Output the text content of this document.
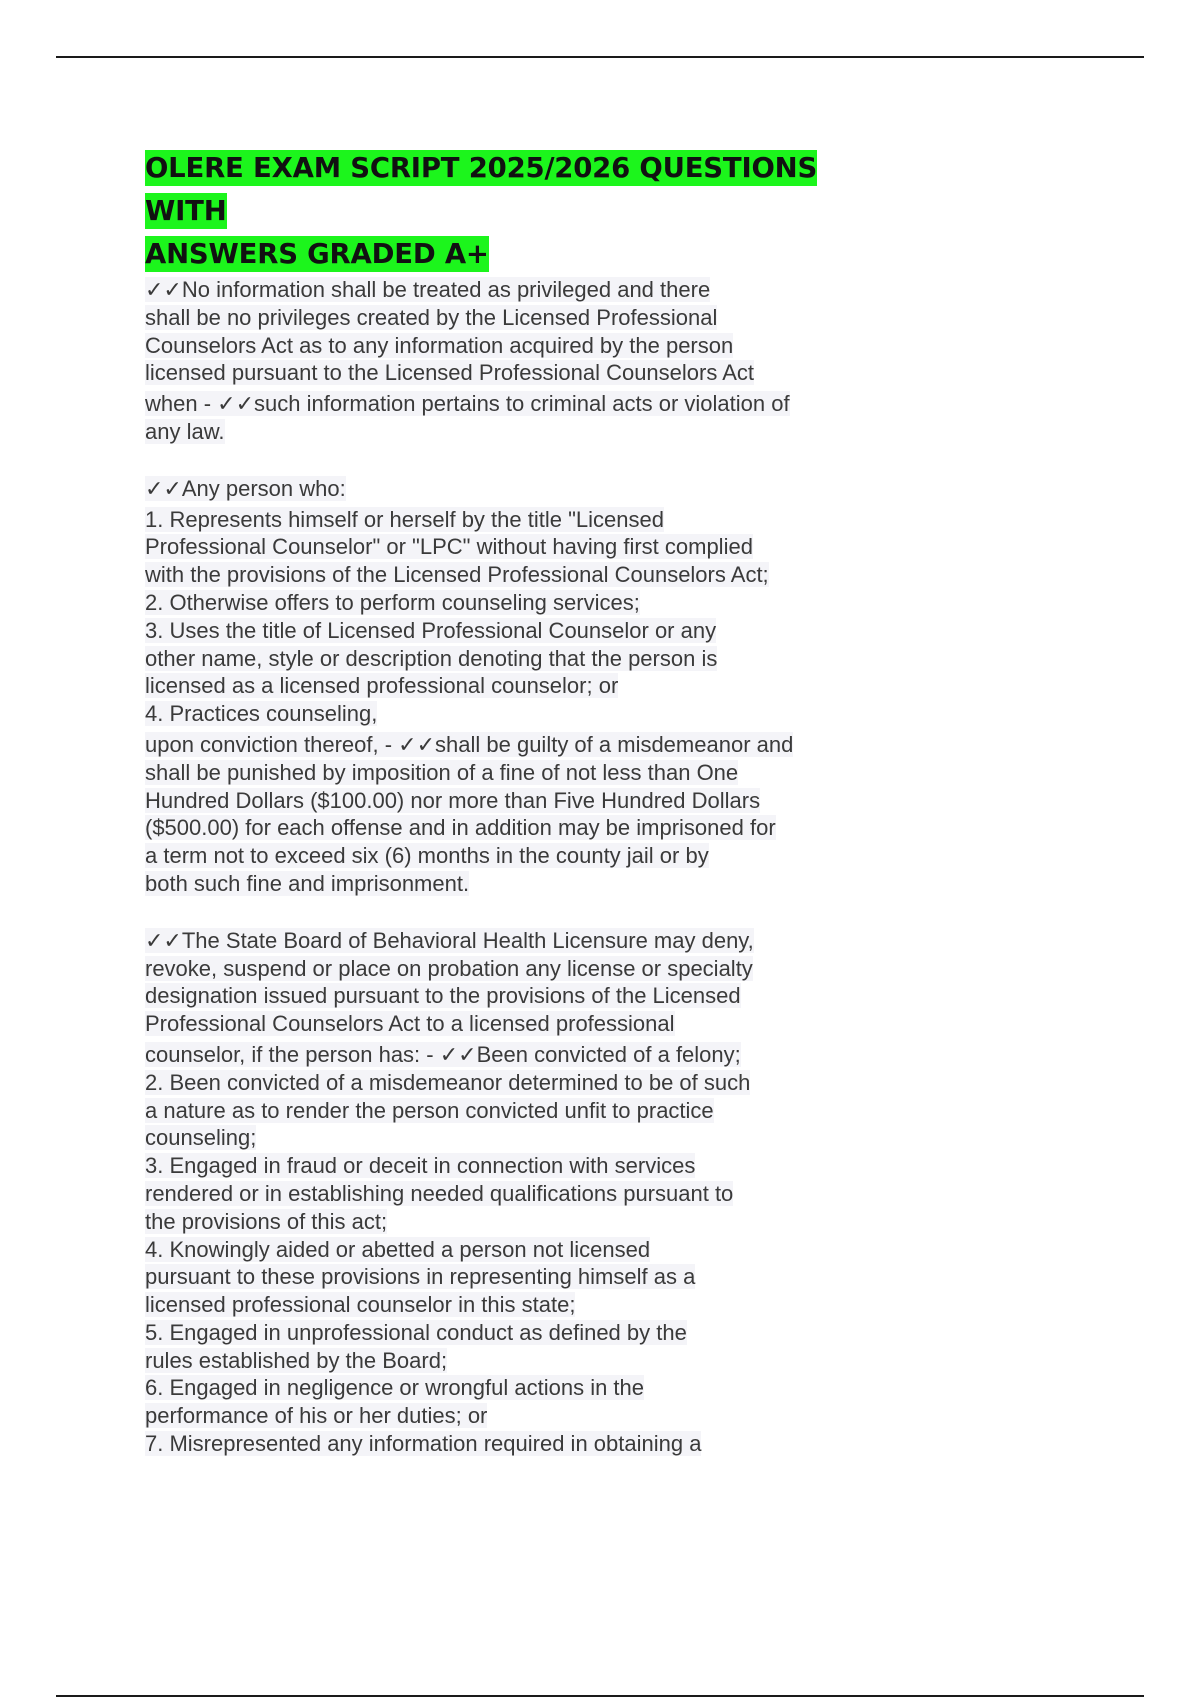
OLERE EXAM SCRIPT 2025/2026 QUESTIONS WITH
ANSWERS GRADED A+
✓✓No information shall be treated as privileged and there
shall be no privileges created by the Licensed Professional
Counselors Act as to any information acquired by the person
licensed pursuant to the Licensed Professional Counselors Act
when - ✓✓such information pertains to criminal acts or violation of
any law.
✓✓Any person who:
1. Represents himself or herself by the title "Licensed
Professional Counselor" or "LPC" without having first complied
with the provisions of the Licensed Professional Counselors Act;
2. Otherwise offers to perform counseling services;
3. Uses the title of Licensed Professional Counselor or any
other name, style or description denoting that the person is
licensed as a licensed professional counselor; or
4. Practices counseling,
upon conviction thereof, - ✓✓shall be guilty of a misdemeanor and
shall be punished by imposition of a fine of not less than One
Hundred Dollars ($100.00) nor more than Five Hundred Dollars
($500.00) for each offense and in addition may be imprisoned for
a term not to exceed six (6) months in the county jail or by
both such fine and imprisonment.
✓✓The State Board of Behavioral Health Licensure may deny,
revoke, suspend or place on probation any license or specialty
designation issued pursuant to the provisions of the Licensed
Professional Counselors Act to a licensed professional
counselor, if the person has: - ✓✓Been convicted of a felony;
2. Been convicted of a misdemeanor determined to be of such
a nature as to render the person convicted unfit to practice
counseling;
3. Engaged in fraud or deceit in connection with services
rendered or in establishing needed qualifications pursuant to
the provisions of this act;
4. Knowingly aided or abetted a person not licensed
pursuant to these provisions in representing himself as a
licensed professional counselor in this state;
5. Engaged in unprofessional conduct as defined by the
rules established by the Board;
6. Engaged in negligence or wrongful actions in the
performance of his or her duties; or
7. Misrepresented any information required in obtaining a
